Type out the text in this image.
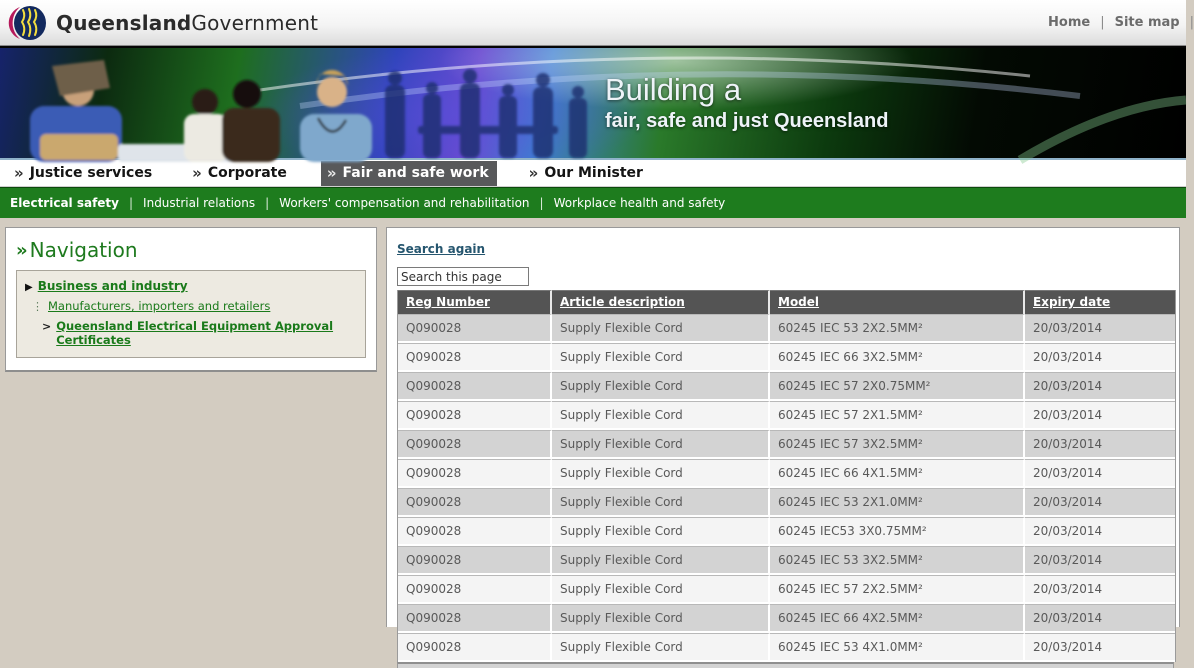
QueenslandGovernment	Home | Site map |
Building a
fair, safe and just Queensland
» Justice services	» Corporate	» Fair and safe work	» Our Minister
Electrical safety | Industrial relations | Workers' compensation and rehabilitation | Workplace health and safety
» Navigation
▶ Business and industry
⋮ Manufacturers, importers and retailers
> Queensland Electrical Equipment Approval Certificates
Search again
Search this page
Reg Number	Article description	Model	Expiry date
Q090028	Supply Flexible Cord	60245 IEC 53 2X2.5MM²	20/03/2014
Q090028	Supply Flexible Cord	60245 IEC 66 3X2.5MM²	20/03/2014
Q090028	Supply Flexible Cord	60245 IEC 57 2X0.75MM²	20/03/2014
Q090028	Supply Flexible Cord	60245 IEC 57 2X1.5MM²	20/03/2014
Q090028	Supply Flexible Cord	60245 IEC 57 3X2.5MM²	20/03/2014
Q090028	Supply Flexible Cord	60245 IEC 66 4X1.5MM²	20/03/2014
Q090028	Supply Flexible Cord	60245 IEC 53 2X1.0MM²	20/03/2014
Q090028	Supply Flexible Cord	60245 IEC53 3X0.75MM²	20/03/2014
Q090028	Supply Flexible Cord	60245 IEC 53 3X2.5MM²	20/03/2014
Q090028	Supply Flexible Cord	60245 IEC 57 2X2.5MM²	20/03/2014
Q090028	Supply Flexible Cord	60245 IEC 66 4X2.5MM²	20/03/2014
Q090028	Supply Flexible Cord	60245 IEC 53 4X1.0MM²	20/03/2014
